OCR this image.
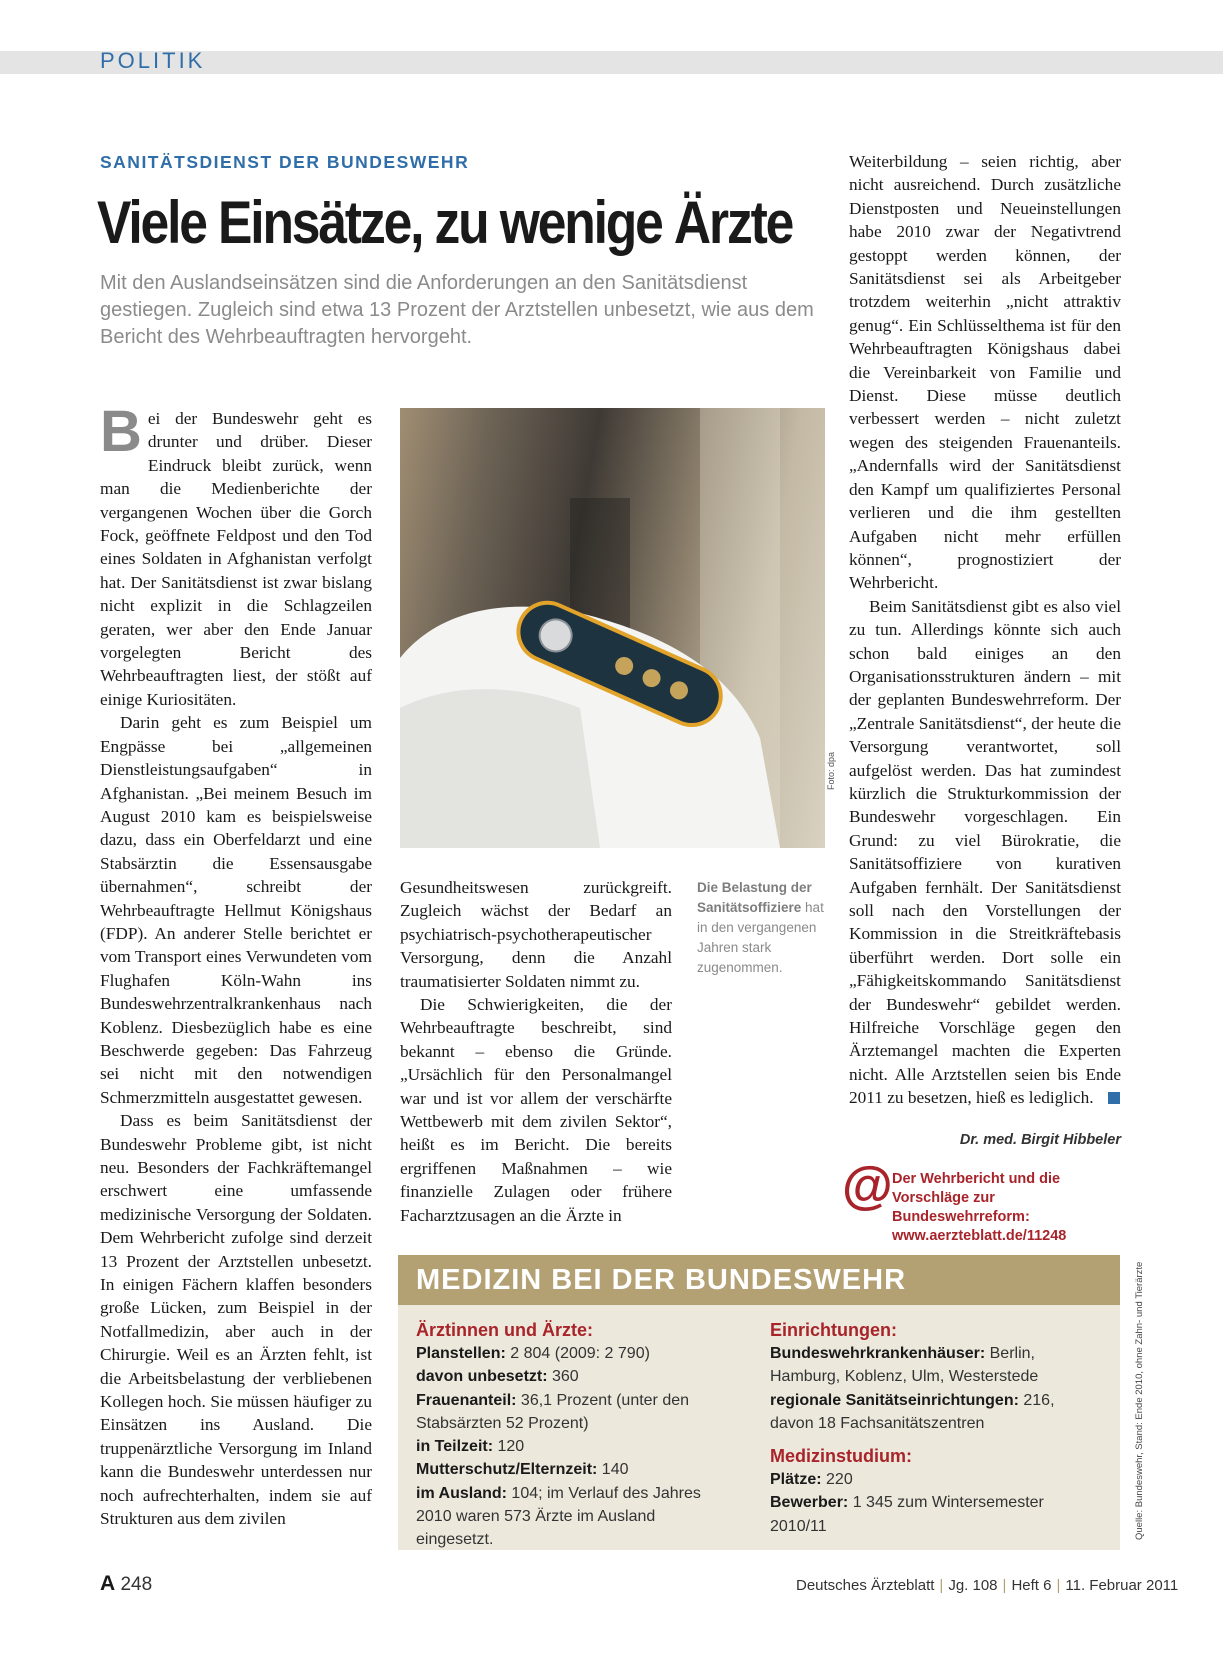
POLITIK
SANITÄTSDIENST DER BUNDESWEHR
Viele Einsätze, zu wenige Ärzte
Mit den Auslandseinsätzen sind die Anforderungen an den Sanitätsdienst gestiegen. Zugleich sind etwa 13 Prozent der Arztstellen unbesetzt, wie aus dem Bericht des Wehrbeauftragten hervorgeht.

Bei der Bundeswehr geht es drunter und drüber. Dieser Eindruck bleibt zurück, wenn man die Medienberichte der vergangenen Wochen über die Gorch Fock, geöffnete Feldpost und den Tod eines Soldaten in Afghanistan verfolgt hat. Der Sanitätsdienst ist zwar bislang nicht explizit in die Schlagzeilen geraten, wer aber den Ende Januar vorgelegten Bericht des Wehrbeauftragten liest, der stößt auf einige Kuriositäten.

Darin geht es zum Beispiel um Engpässe bei „allgemeinen Dienstleistungsaufgaben“ in Afghanistan. „Bei meinem Besuch im August 2010 kam es beispielsweise dazu, dass ein Oberfeldarzt und eine Stabsärztin die Essensausgabe übernahmen“, schreibt der Wehrbeauftragte Hellmut Königshaus (FDP). An anderer Stelle berichtet er vom Transport eines Verwundeten vom Flughafen Köln-Wahn ins Bundeswehrzentralkrankenhaus nach Koblenz. Diesbezüglich habe es eine Beschwerde gegeben: Das Fahrzeug sei nicht mit den notwendigen Schmerzmitteln ausgestattet gewesen.

Dass es beim Sanitätsdienst der Bundeswehr Probleme gibt, ist nicht neu. Besonders der Fachkräftemangel erschwert eine umfassende medizinische Versorgung der Soldaten. Dem Wehrbericht zufolge sind derzeit 13 Prozent der Arztstellen unbesetzt. In einigen Fächern klaffen besonders große Lücken, zum Beispiel in der Notfallmedizin, aber auch in der Chirurgie. Weil es an Ärzten fehlt, ist die Arbeitsbelastung der verbliebenen Kollegen hoch. Sie müssen häufiger zu Einsätzen ins Ausland. Die truppenärztliche Versorgung im Inland kann die Bundeswehr unterdessen nur noch aufrechterhalten, indem sie auf Strukturen aus dem zivilen

Foto: dpa

Gesundheitswesen zurückgreift. Zugleich wächst der Bedarf an psychiatrisch-psychotherapeutischer Versorgung, denn die Anzahl traumatisierter Soldaten nimmt zu.

Die Schwierigkeiten, die der Wehrbeauftragte beschreibt, sind bekannt – ebenso die Gründe. „Ursächlich für den Personalmangel war und ist vor allem der verschärfte Wettbewerb mit dem zivilen Sektor“, heißt es im Bericht. Die bereits ergriffenen Maßnahmen – wie finanzielle Zulagen oder frühere Facharztzusagen an die Ärzte in

Die Belastung der Sanitätsoffiziere hat in den vergangenen Jahren stark zugenommen.

Weiterbildung – seien richtig, aber nicht ausreichend. Durch zusätzliche Dienstposten und Neueinstellungen habe 2010 zwar der Negativtrend gestoppt werden können, der Sanitätsdienst sei als Arbeitgeber trotzdem weiterhin „nicht attraktiv genug“. Ein Schlüsselthema ist für den Wehrbeauftragten Königshaus dabei die Vereinbarkeit von Familie und Dienst. Diese müsse deutlich verbessert werden – nicht zuletzt wegen des steigenden Frauenanteils. „Andernfalls wird der Sanitätsdienst den Kampf um qualifiziertes Personal verlieren und die ihm gestellten Aufgaben nicht mehr erfüllen können“, prognostiziert der Wehrbericht.

Beim Sanitätsdienst gibt es also viel zu tun. Allerdings könnte sich auch schon bald einiges an den Organisationsstrukturen ändern – mit der geplanten Bundeswehrreform. Der „Zentrale Sanitätsdienst“, der heute die Versorgung verantwortet, soll aufgelöst werden. Das hat zumindest kürzlich die Strukturkommission der Bundeswehr vorgeschlagen. Ein Grund: zu viel Bürokratie, die Sanitätsoffiziere von kurativen Aufgaben fernhält. Der Sanitätsdienst soll nach den Vorstellungen der Kommission in die Streitkräftebasis überführt werden. Dort solle ein „Fähigkeitskommando Sanitätsdienst der Bundeswehr“ gebildet werden. Hilfreiche Vorschläge gegen den Ärztemangel machten die Experten nicht. Alle Arztstellen seien bis Ende 2011 zu besetzen, hieß es lediglich.

Dr. med. Birgit Hibbeler
@ Der Wehrbericht und die Vorschläge zur Bundeswehrreform: www.aerzteblatt.de/11248
MEDIZIN BEI DER BUNDESWEHR
Ärztinnen und Ärzte:
Planstellen: 2 804 (2009: 2 790)
davon unbesetzt: 360
Frauenanteil: 36,1 Prozent (unter den Stabsärzten 52 Prozent)
in Teilzeit: 120
Mutterschutz/Elternzeit: 140
im Ausland: 104; im Verlauf des Jahres 2010 waren 573 Ärzte im Ausland eingesetzt.
Einrichtungen:
Bundeswehrkrankenhäuser: Berlin, Hamburg, Koblenz, Ulm, Westerstede
regionale Sanitätseinrichtungen: 216, davon 18 Fachsanitätszentren
Medizinstudium:
Plätze: 220
Bewerber: 1 345 zum Wintersemester 2010/11	Quelle: Bundeswehr, Stand: Ende 2010, ohne Zahn- und Tierärzte
A 248	Deutsches Ärzteblatt | Jg. 108 | Heft 6 | 11. Februar 2011
